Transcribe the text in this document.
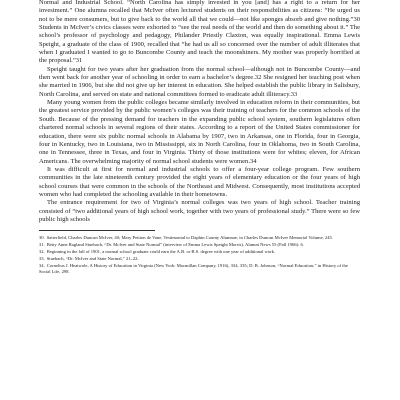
Normal and Industrial School. “North Carolina has simply invested in you [and] has a right to a return for her investment.” One alumna recalled that McIver often lectured students on their responsibilities as citizens: “He urged us not to be mere consumers, but to give back to the world all that we could—not like sponges absorb and give nothing.”30 Students in McIver’s civics classes were exhorted to “see the real needs of the world and then do something about it.” The school’s professor of psychology and pedagogy, Philander Priestly Claxton, was equally inspirational. Emma Lewis Speight, a graduate of the class of 1900, recalled that “he had us all so concerned over the number of adult illiterates that when I graduated I wanted to go to Buncombe County and teach the moonshiners. My mother was properly horrified at the proposal.”31

Speight taught for two years after her graduation from the normal school—although not in Buncombe County—and then went back for another year of schooling in order to earn a bachelor’s degree.32 She resigned her teaching post when she married in 1906, but she did not give up her interest in education. She helped establish the public library in Salisbury, North Carolina, and served on state and national committees formed to eradicate adult illiteracy.33

Many young women from the public colleges became similarly involved in education reform in their communities, but the greatest service provided by the public women’s colleges was their training of teachers for the common schools of the South. Because of the pressing demand for teachers in the expanding public school system, southern legislatures often chartered normal schools in several regions of their states. According to a report of the United States commissioner for education, there were six public normal schools in Alabama by 1907, two in Arkansas, one in Florida, four in Georgia, four in Kentucky, two in Louisiana, two in Mississippi, six in North Carolina, four in Oklahoma, two in South Carolina, one in Tennessee, three in Texas, and four in Virginia. Thirty of those institutions were for whites; eleven, for African Americans. The overwhelming majority of normal school students were women.34

It was difficult at first for normal and industrial schools to offer a four-year college program. Few southern communities in the late nineteenth century provided the eight years of elementary education or the four years of high school courses that were common in the schools of the Northeast and Midwest. Consequently, most institutions accepted women who had completed the schooling available in their hometowns.

The entrance requirement for two of Virginia’s normal colleges was two years of high school. Teacher training consisted of “two additional years of high school work, together with two years of professional study.” There were so few public high schools

30. Satterfield, Charles Duncan McIver, 40; Mary Petiton de Vane, Testimonial to Daphin County Alumnae, in Charles Duncan McIver Memorial Volume, 245.

31. Betty Anne Ragland Stuebach, “Dr. McIver and State Normal” (interview of Emma Lewis Speight Morris), Alumni News 55 (Fall 1966): 6.

32. Beginning in the fall of 1901, a normal school graduate could earn the A.B. or B.S. degree with one year of additional work.

33. Stuebach, “Dr. McIver and State Normal,” 21–22.

34. Cornelius J. Heatwole, A History of Education in Virginia (New York: Macmillan Company, 1916), 334, 335; D. B. Johnson, “Normal Education,” in History of the Social Life, 298.
